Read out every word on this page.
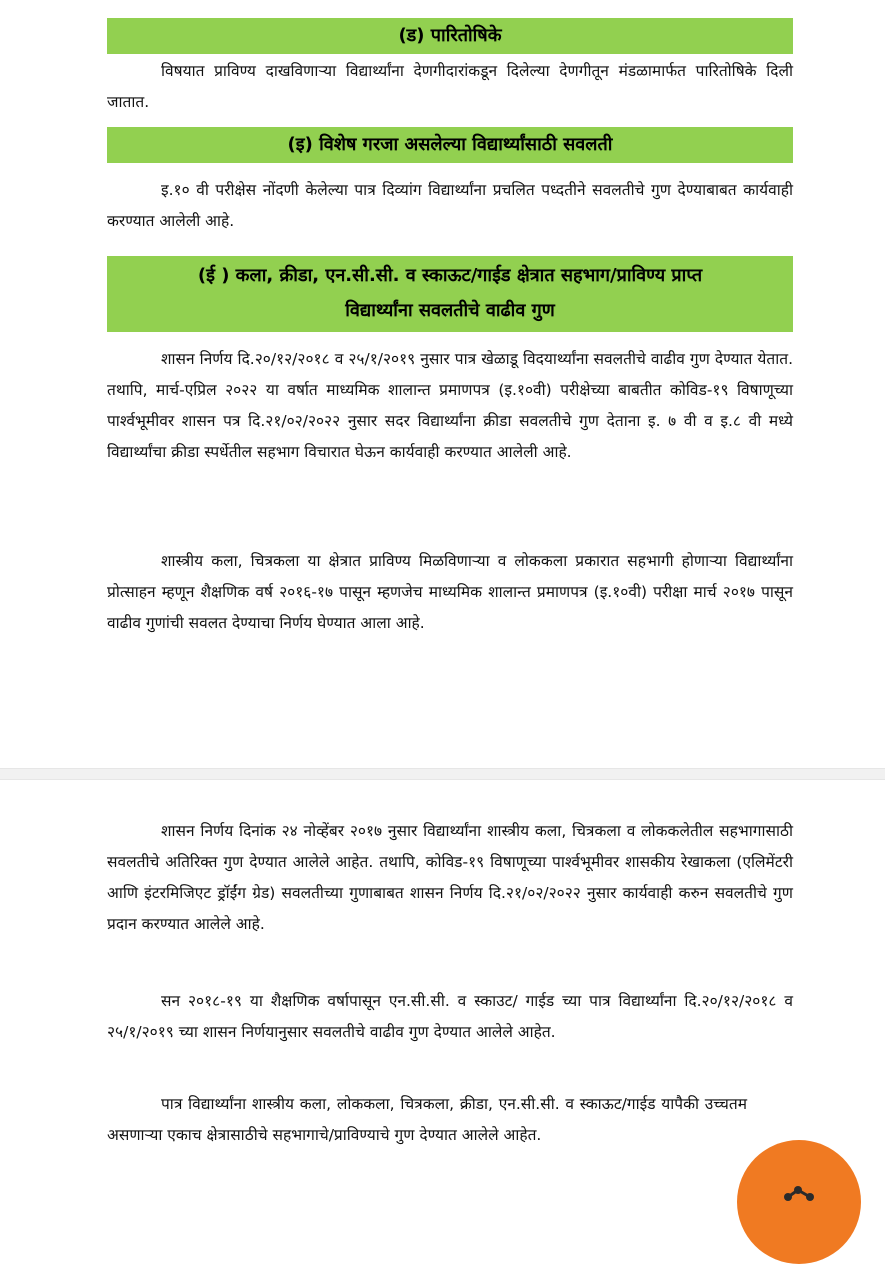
(ड) पारितोषिके

विषयात प्राविण्य दाखविणाऱ्या विद्यार्थ्यांना देणगीदारांकडून दिलेल्या देणगीतून मंडळामार्फत पारितोषिके दिली जातात.

(इ) विशेष गरजा असलेल्या विद्यार्थ्यांसाठी सवलती

इ.१० वी परीक्षेस नोंदणी केलेल्या पात्र दिव्यांग विद्यार्थ्यांना प्रचलित पध्दतीने सवलतीचे गुण देण्याबाबत कार्यवाही करण्यात आलेली आहे.

(ई ) कला, क्रीडा, एन.सी.सी. व स्काऊट/गाईड क्षेत्रात सहभाग/प्राविण्य प्राप्त
विद्यार्थ्यांना सवलतीचे वाढीव गुण

शासन निर्णय दि.२०/१२/२०१८ व २५/१/२०१९ नुसार पात्र खेळाडू विदयार्थ्यांना सवलतीचे वाढीव गुण देण्यात येतात. तथापि, मार्च-एप्रिल २०२२ या वर्षात माध्यमिक शालान्त प्रमाणपत्र (इ.१०वी) परीक्षेच्या बाबतीत कोविड-१९ विषाणूच्या पार्श्वभूमीवर शासन पत्र दि.२१/०२/२०२२ नुसार सदर विद्यार्थ्यांना क्रीडा सवलतीचे गुण देताना इ. ७ वी व इ.८ वी मध्ये विद्यार्थ्यांचा क्रीडा स्पर्धेतील सहभाग विचारात घेऊन कार्यवाही करण्यात आलेली आहे.

शास्त्रीय कला, चित्रकला या क्षेत्रात प्राविण्य मिळविणाऱ्या व लोककला प्रकारात सहभागी होणाऱ्या विद्यार्थ्यांना प्रोत्साहन म्हणून शैक्षणिक वर्ष २०१६-१७ पासून म्हणजेच माध्यमिक शालान्त प्रमाणपत्र (इ.१०वी) परीक्षा मार्च २०१७ पासून वाढीव गुणांची सवलत देण्याचा निर्णय घेण्यात आला आहे.

शासन निर्णय दिनांक २४ नोव्हेंबर २०१७ नुसार विद्यार्थ्यांना शास्त्रीय कला, चित्रकला व लोककलेतील सहभागासाठी सवलतीचे अतिरिक्त गुण देण्यात आलेले आहेत. तथापि, कोविड-१९ विषाणूच्या पार्श्वभूमीवर शासकीय रेखाकला (एलिमेंटरी आणि इंटरमिजिएट ड्रॉईंग ग्रेड) सवलतीच्या गुणाबाबत शासन निर्णय दि.२१/०२/२०२२ नुसार कार्यवाही करुन सवलतीचे गुण प्रदान करण्यात आलेले आहे.

सन २०१८-१९ या शैक्षणिक वर्षापासून एन.सी.सी. व स्काउट/ गाईड च्या पात्र विद्यार्थ्यांना दि.२०/१२/२०१८ व २५/१/२०१९ च्या शासन निर्णयानुसार सवलतीचे वाढीव गुण देण्यात आलेले आहेत.

पात्र विद्यार्थ्यांना शास्त्रीय कला, लोककला, चित्रकला, क्रीडा, एन.सी.सी. व स्काऊट/गाईड यापैकी उच्चतम असणाऱ्या एकाच क्षेत्रासाठीचे सहभागाचे/प्राविण्याचे गुण देण्यात आलेले आहेत.
